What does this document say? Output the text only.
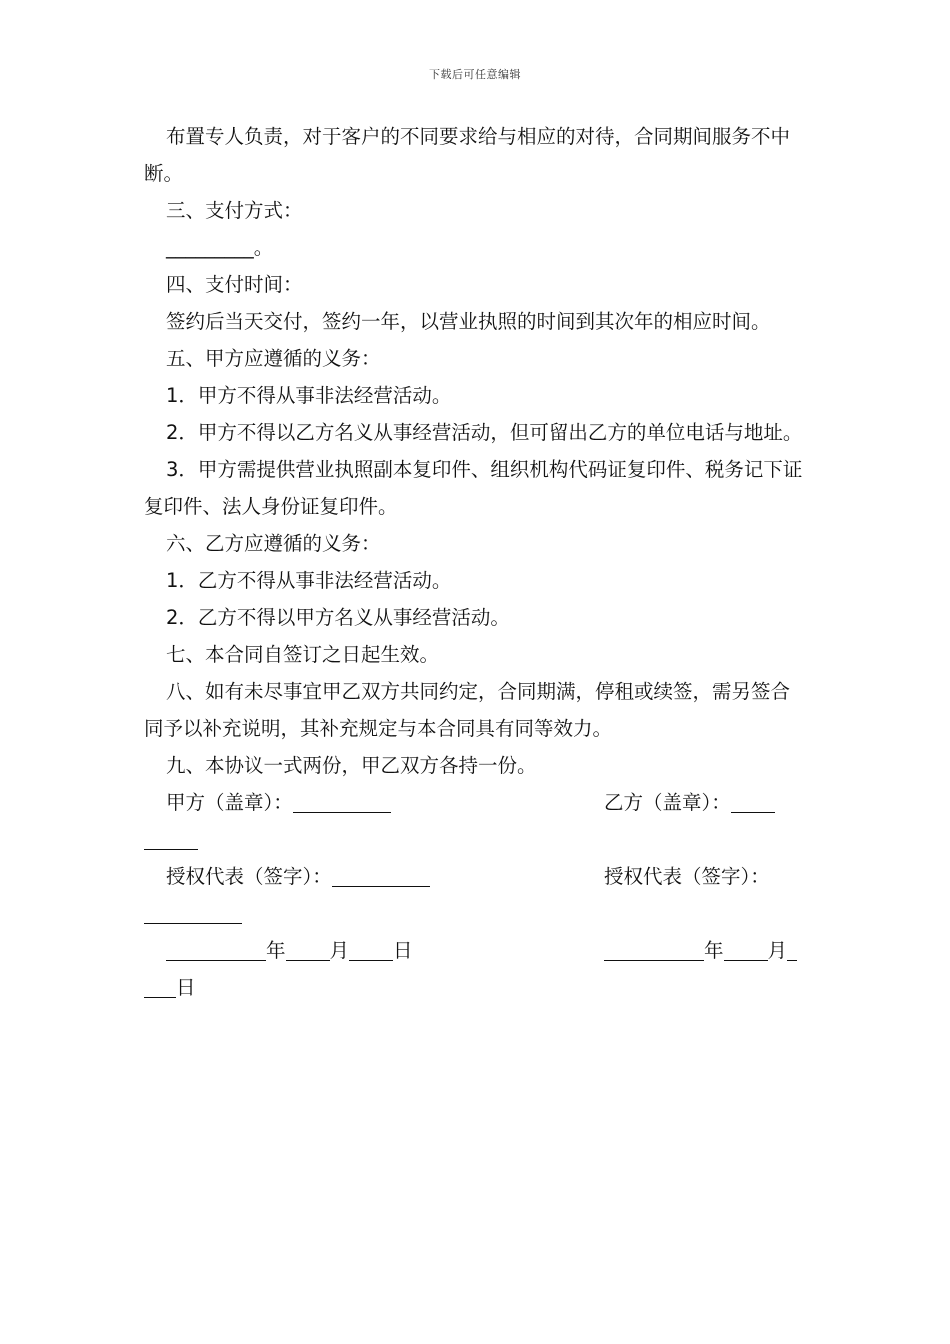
下载后可任意编辑

布置专人负责，对于客户的不同要求给与相应的对待，合同期间服务不中断。

三、支付方式：

_________。

四、支付时间：

签约后当天交付，签约一年，以营业执照的时间到其次年的相应时间。

五、甲方应遵循的义务：

1．甲方不得从事非法经营活动。

2．甲方不得以乙方名义从事经营活动，但可留出乙方的单位电话与地址。

3．甲方需提供营业执照副本复印件、组织机构代码证复印件、税务记下证复印件、法人身份证复印件。

六、乙方应遵循的义务：

1．乙方不得从事非法经营活动。

2．乙方不得以甲方名义从事经营活动。

七、本合同自签订之日起生效。

八、如有未尽事宜甲乙双方共同约定，合同期满，停租或续签，需另签合同予以补充说明，其补充规定与本合同具有同等效力。

九、本协议一式两份，甲乙双方各持一份。

甲方（盖章）：	乙方（盖章）：
授权代表（签字）：	授权代表（签字）：
年 月 日	年 月
日
